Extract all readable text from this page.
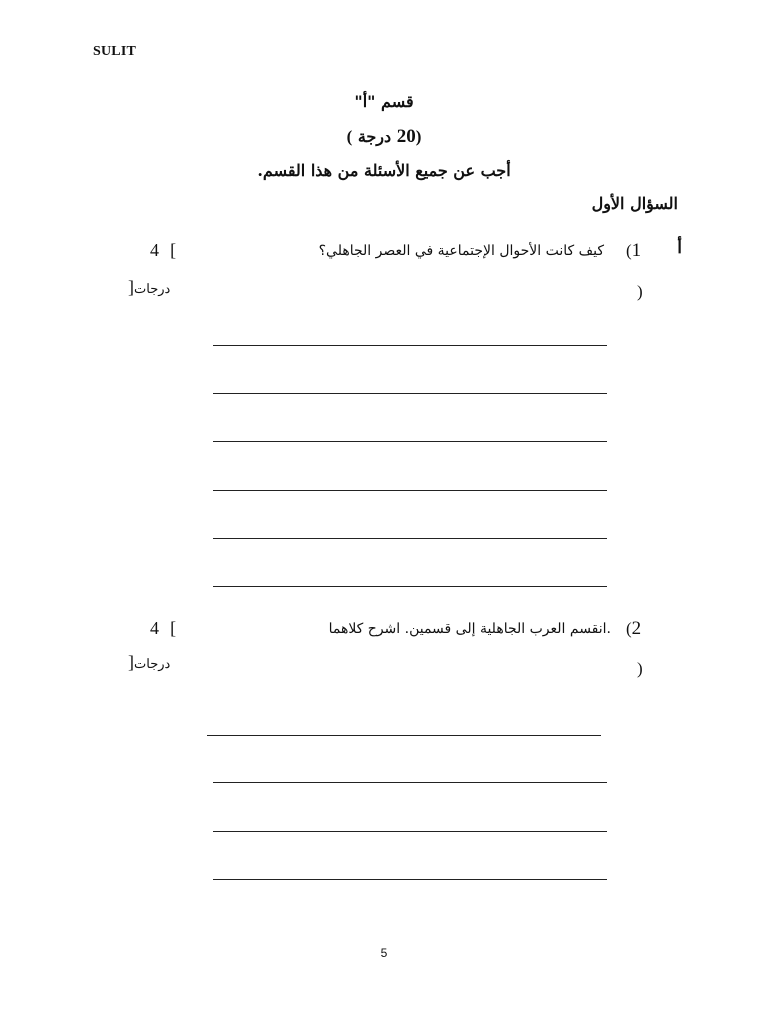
SULIT
قسم "أ"
(20 درجة )
أجب عن جميع الأسئلة من هذا القسم.
السؤال الأول
أ
(1
كيف كانت الأحوال الإجتماعية في العصر الجاهلي؟
)
4 [
]درجات
(2
.انقسم العرب الجاهلية إلى قسمين. اشرح كلاهما
)
4 [
]درجات
5
